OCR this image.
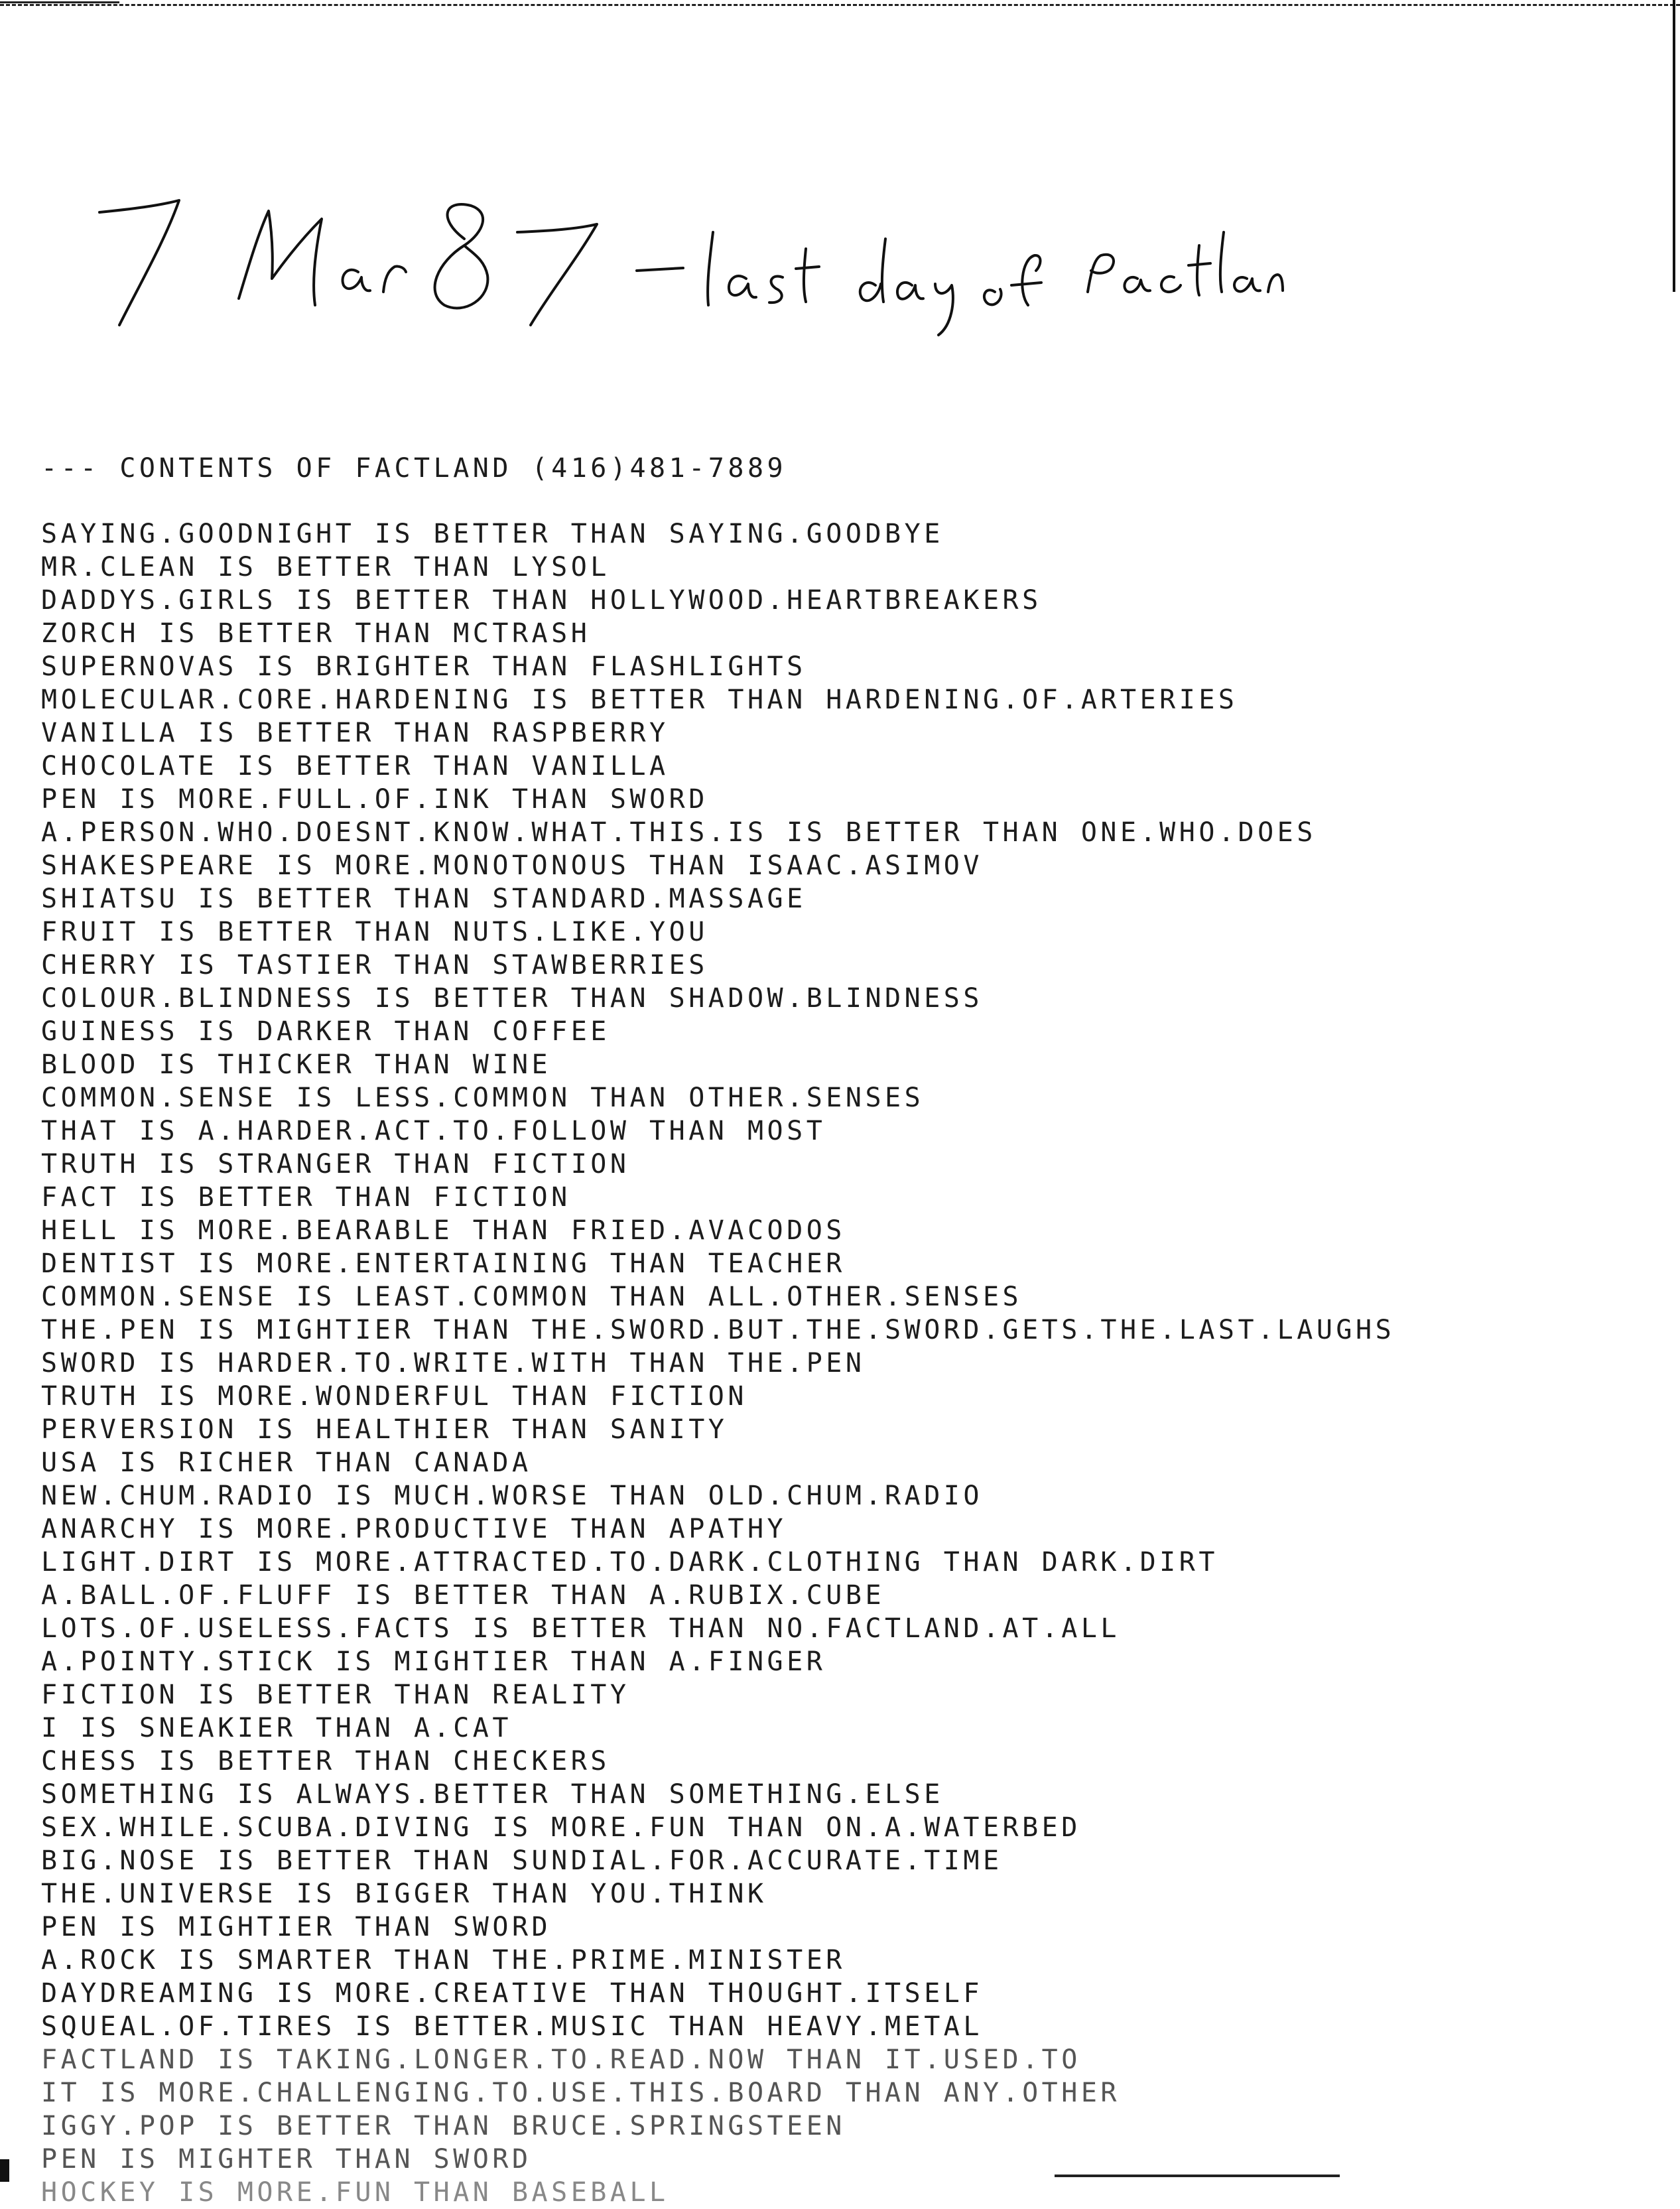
--- CONTENTS OF FACTLAND (416)481-7889
SAYING.GOODNIGHT IS BETTER THAN SAYING.GOODBYE
MR.CLEAN IS BETTER THAN LYSOL
DADDYS.GIRLS IS BETTER THAN HOLLYWOOD.HEARTBREAKERS
ZORCH IS BETTER THAN MCTRASH
SUPERNOVAS IS BRIGHTER THAN FLASHLIGHTS
MOLECULAR.CORE.HARDENING IS BETTER THAN HARDENING.OF.ARTERIES
VANILLA IS BETTER THAN RASPBERRY
CHOCOLATE IS BETTER THAN VANILLA
PEN IS MORE.FULL.OF.INK THAN SWORD
A.PERSON.WHO.DOESNT.KNOW.WHAT.THIS.IS IS BETTER THAN ONE.WHO.DOES
SHAKESPEARE IS MORE.MONOTONOUS THAN ISAAC.ASIMOV
SHIATSU IS BETTER THAN STANDARD.MASSAGE
FRUIT IS BETTER THAN NUTS.LIKE.YOU
CHERRY IS TASTIER THAN STAWBERRIES
COLOUR.BLINDNESS IS BETTER THAN SHADOW.BLINDNESS
GUINESS IS DARKER THAN COFFEE
BLOOD IS THICKER THAN WINE
COMMON.SENSE IS LESS.COMMON THAN OTHER.SENSES
THAT IS A.HARDER.ACT.TO.FOLLOW THAN MOST
TRUTH IS STRANGER THAN FICTION
FACT IS BETTER THAN FICTION
HELL IS MORE.BEARABLE THAN FRIED.AVACODOS
DENTIST IS MORE.ENTERTAINING THAN TEACHER
COMMON.SENSE IS LEAST.COMMON THAN ALL.OTHER.SENSES
THE.PEN IS MIGHTIER THAN THE.SWORD.BUT.THE.SWORD.GETS.THE.LAST.LAUGHS
SWORD IS HARDER.TO.WRITE.WITH THAN THE.PEN
TRUTH IS MORE.WONDERFUL THAN FICTION
PERVERSION IS HEALTHIER THAN SANITY
USA IS RICHER THAN CANADA
NEW.CHUM.RADIO IS MUCH.WORSE THAN OLD.CHUM.RADIO
ANARCHY IS MORE.PRODUCTIVE THAN APATHY
LIGHT.DIRT IS MORE.ATTRACTED.TO.DARK.CLOTHING THAN DARK.DIRT
A.BALL.OF.FLUFF IS BETTER THAN A.RUBIX.CUBE
LOTS.OF.USELESS.FACTS IS BETTER THAN NO.FACTLAND.AT.ALL
A.POINTY.STICK IS MIGHTIER THAN A.FINGER
FICTION IS BETTER THAN REALITY
I IS SNEAKIER THAN A.CAT
CHESS IS BETTER THAN CHECKERS
SOMETHING IS ALWAYS.BETTER THAN SOMETHING.ELSE
SEX.WHILE.SCUBA.DIVING IS MORE.FUN THAN ON.A.WATERBED
BIG.NOSE IS BETTER THAN SUNDIAL.FOR.ACCURATE.TIME
THE.UNIVERSE IS BIGGER THAN YOU.THINK
PEN IS MIGHTIER THAN SWORD
A.ROCK IS SMARTER THAN THE.PRIME.MINISTER
DAYDREAMING IS MORE.CREATIVE THAN THOUGHT.ITSELF
SQUEAL.OF.TIRES IS BETTER.MUSIC THAN HEAVY.METAL
FACTLAND IS TAKING.LONGER.TO.READ.NOW THAN IT.USED.TO
IT IS MORE.CHALLENGING.TO.USE.THIS.BOARD THAN ANY.OTHER
IGGY.POP IS BETTER THAN BRUCE.SPRINGSTEEN
PEN IS MIGHTER THAN SWORD
HOCKEY IS MORE.FUN THAN BASEBALL
